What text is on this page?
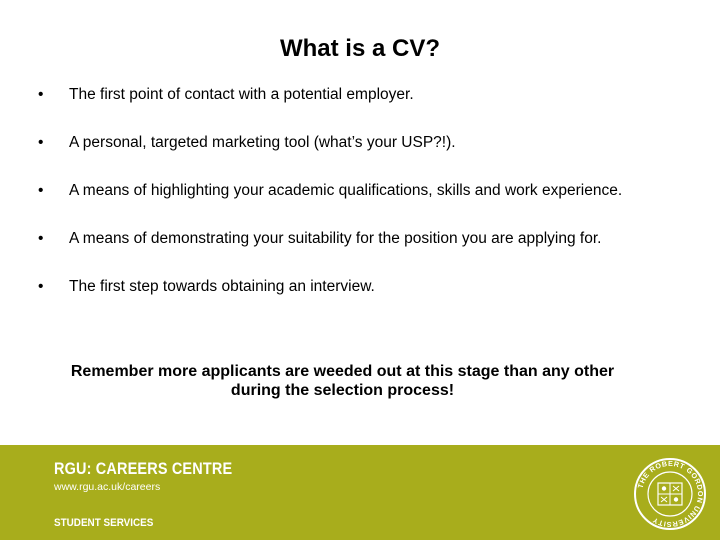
What is a CV?
• The first point of contact with a potential employer.
• A personal, targeted marketing tool (what’s your USP?!).
• A means of highlighting your academic qualifications, skills and work experience.
• A means of demonstrating your suitability for the position you are applying for.
• The first step towards obtaining an interview.

Remember more applicants are weeded out at this stage than any other during the selection process!

RGU: CAREERS CENTRE
www.rgu.ac.uk/careers
STUDENT SERVICES
THE ROBERT GORDON UNIVERSITY
